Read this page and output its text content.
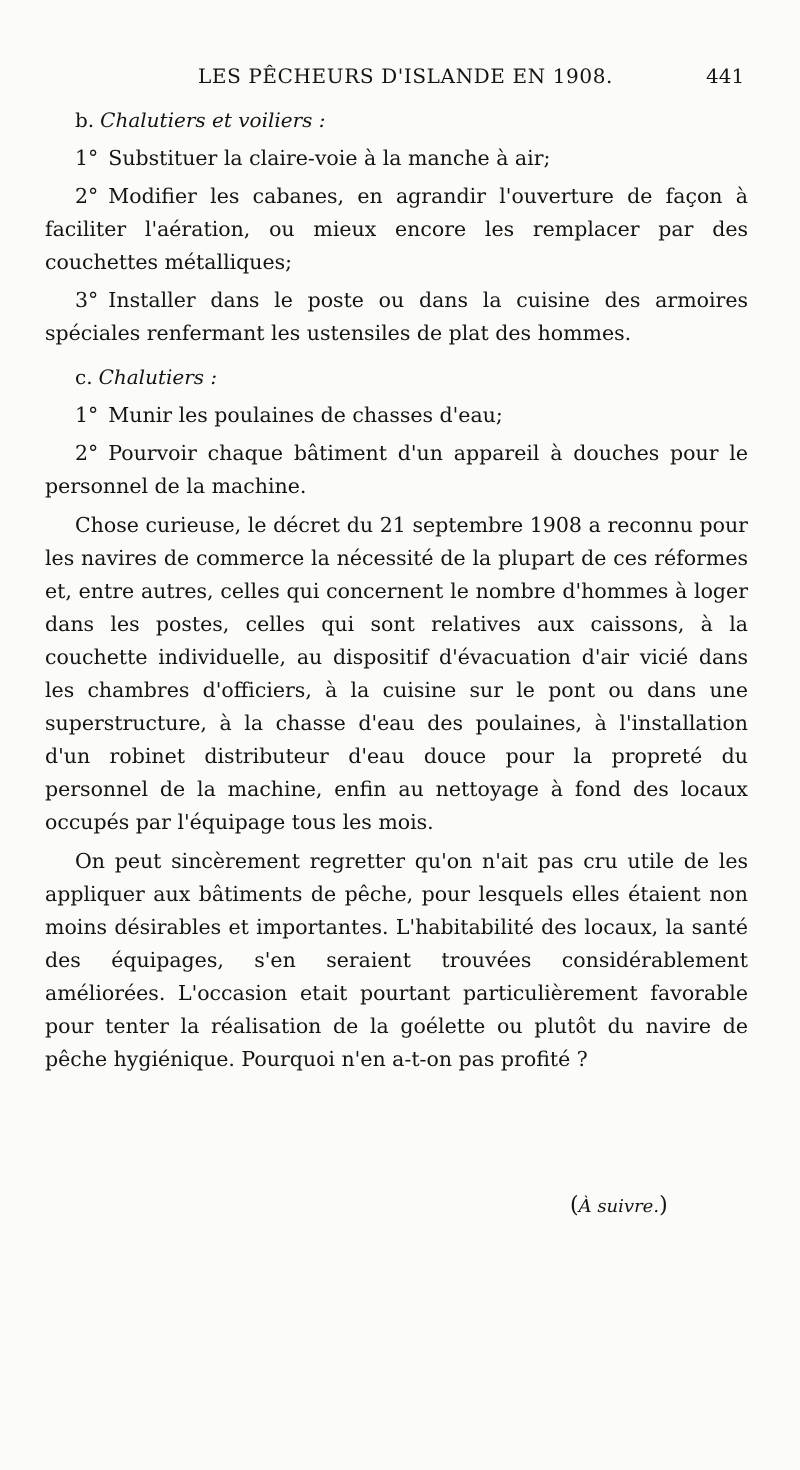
LES PÊCHEURS D'ISLANDE EN 1908.	441

b. Chalutiers et voiliers :

1° Substituer la claire-voie à la manche à air;

2° Modifier les cabanes, en agrandir l'ouverture de façon à faciliter l'aération, ou mieux encore les remplacer par des couchettes métalliques;

3° Installer dans le poste ou dans la cuisine des armoires spéciales renfermant les ustensiles de plat des hommes.

c. Chalutiers :

1° Munir les poulaines de chasses d'eau;

2° Pourvoir chaque bâtiment d'un appareil à douches pour le personnel de la machine.

Chose curieuse, le décret du 21 septembre 1908 a reconnu pour les navires de commerce la nécessité de la plupart de ces réformes et, entre autres, celles qui concernent le nombre d'hommes à loger dans les postes, celles qui sont relatives aux caissons, à la couchette individuelle, au dispositif d'évacuation d'air vicié dans les chambres d'officiers, à la cuisine sur le pont ou dans une superstructure, à la chasse d'eau des poulaines, à l'installation d'un robinet distributeur d'eau douce pour la propreté du personnel de la machine, enfin au nettoyage à fond des locaux occupés par l'équipage tous les mois.

On peut sincèrement regretter qu'on n'ait pas cru utile de les appliquer aux bâtiments de pêche, pour lesquels elles étaient non moins désirables et importantes. L'habitabilité des locaux, la santé des équipages, s'en seraient trouvées considérablement améliorées. L'occasion etait pourtant particulièrement favorable pour tenter la réalisation de la goélette ou plutôt du navire de pêche hygiénique. Pourquoi n'en a-t-on pas profité ?

(À suivre.)
